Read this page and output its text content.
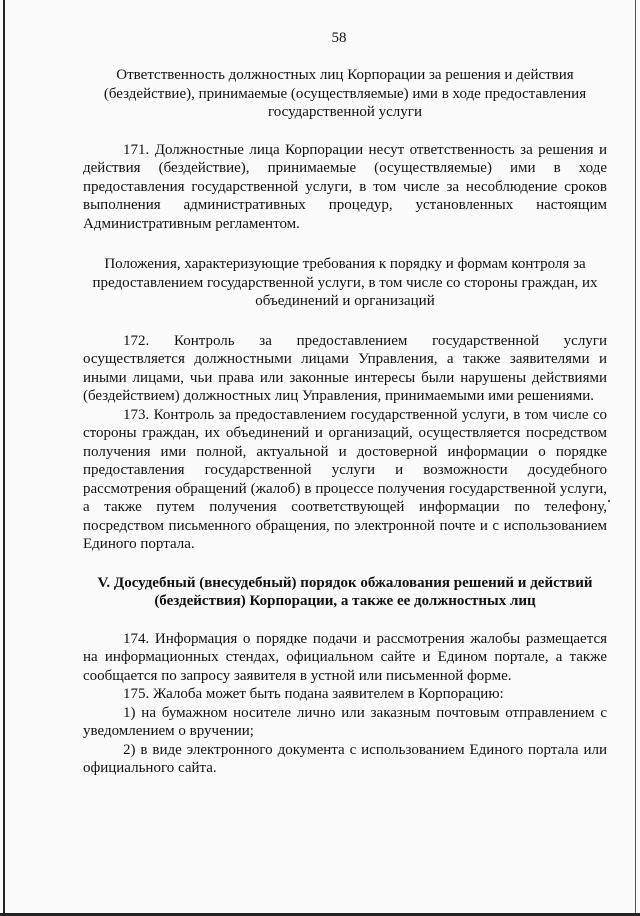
58
Ответственность должностных лиц Корпорации за решения и действия (бездействие), принимаемые (осуществляемые) ими в ходе предоставления государственной услуги
171. Должностные лица Корпорации несут ответственность за решения и действия (бездействие), принимаемые (осуществляемые) ими в ходе предоставления государственной услуги, в том числе за несоблюдение сроков выполнения административных процедур, установленных настоящим Административным регламентом.
Положения, характеризующие требования к порядку и формам контроля за предоставлением государственной услуги, в том числе со стороны граждан, их объединений и организаций
172. Контроль за предоставлением государственной услуги осуществляется должностными лицами Управления, а также заявителями и иными лицами, чьи права или законные интересы были нарушены действиями (бездействием) должностных лиц Управления, принимаемыми ими решениями.
173. Контроль за предоставлением государственной услуги, в том числе со стороны граждан, их объединений и организаций, осуществляется посредством получения ими полной, актуальной и достоверной информации о порядке предоставления государственной услуги и возможности досудебного рассмотрения обращений (жалоб) в процессе получения государственной услуги, а также путем получения соответствующей информации по телефону, посредством письменного обращения, по электронной почте и с использованием Единого портала.
V. Досудебный (внесудебный) порядок обжалования решений и действий (бездействия) Корпорации, а также ее должностных лиц
174. Информация о порядке подачи и рассмотрения жалобы размещается на информационных стендах, официальном сайте и Едином портале, а также сообщается по запросу заявителя в устной или письменной форме.
175. Жалоба может быть подана заявителем в Корпорацию:
1) на бумажном носителе лично или заказным почтовым отправлением с уведомлением о вручении;
2) в виде электронного документа с использованием Единого портала или официального сайта.
